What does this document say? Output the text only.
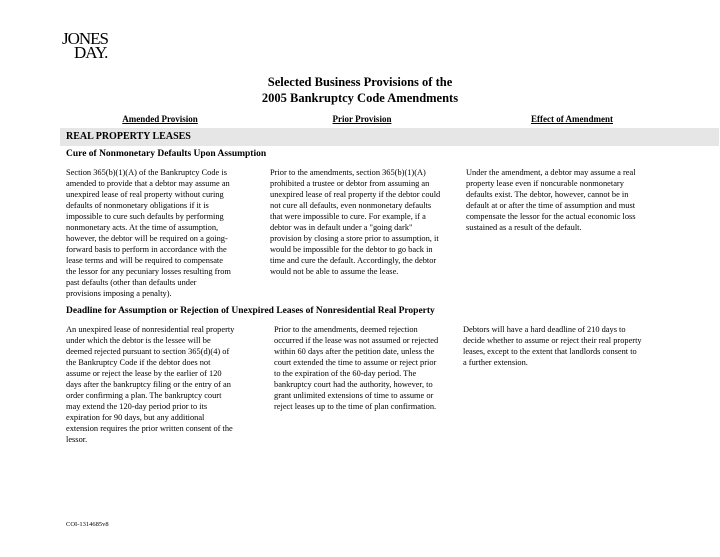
JONES
DAY.
Selected Business Provisions of the
2005 Bankruptcy Code Amendments
Amended Provision	Prior Provision	Effect of Amendment
REAL PROPERTY LEASES
Cure of Nonmonetary Defaults Upon Assumption
Section 365(b)(1)(A) of the Bankruptcy Code is
amended to provide that a debtor may assume an
unexpired lease of real property without curing
defaults of nonmonetary obligations if it is
impossible to cure such defaults by performing
nonmonetary acts. At the time of assumption,
however, the debtor will be required on a going-
forward basis to perform in accordance with the
lease terms and will be required to compensate
the lessor for any pecuniary losses resulting from
past defaults (other than defaults under
provisions imposing a penalty).
Prior to the amendments, section 365(b)(1)(A)
prohibited a trustee or debtor from assuming an
unexpired lease of real property if the debtor could
not cure all defaults, even nonmonetary defaults
that were impossible to cure. For example, if a
debtor was in default under a "going dark"
provision by closing a store prior to assumption, it
would be impossible for the debtor to go back in
time and cure the default. Accordingly, the debtor
would not be able to assume the lease.
Under the amendment, a debtor may assume a real
property lease even if noncurable nonmonetary
defaults exist. The debtor, however, cannot be in
default at or after the time of assumption and must
compensate the lessor for the actual economic loss
sustained as a result of the default.
Deadline for Assumption or Rejection of Unexpired Leases of Nonresidential Real Property
An unexpired lease of nonresidential real property
under which the debtor is the lessee will be
deemed rejected pursuant to section 365(d)(4) of
the Bankruptcy Code if the debtor does not
assume or reject the lease by the earlier of 120
days after the bankruptcy filing or the entry of an
order confirming a plan. The bankruptcy court
may extend the 120-day period prior to its
expiration for 90 days, but any additional
extension requires the prior written consent of the
lessor.
Prior to the amendments, deemed rejection
occurred if the lease was not assumed or rejected
within 60 days after the petition date, unless the
court extended the time to assume or reject prior
to the expiration of the 60-day period. The
bankruptcy court had the authority, however, to
grant unlimited extensions of time to assume or
reject leases up to the time of plan confirmation.
Debtors will have a hard deadline of 210 days to
decide whether to assume or reject their real property
leases, except to the extent that landlords consent to
a further extension.
COI-1314685v8
